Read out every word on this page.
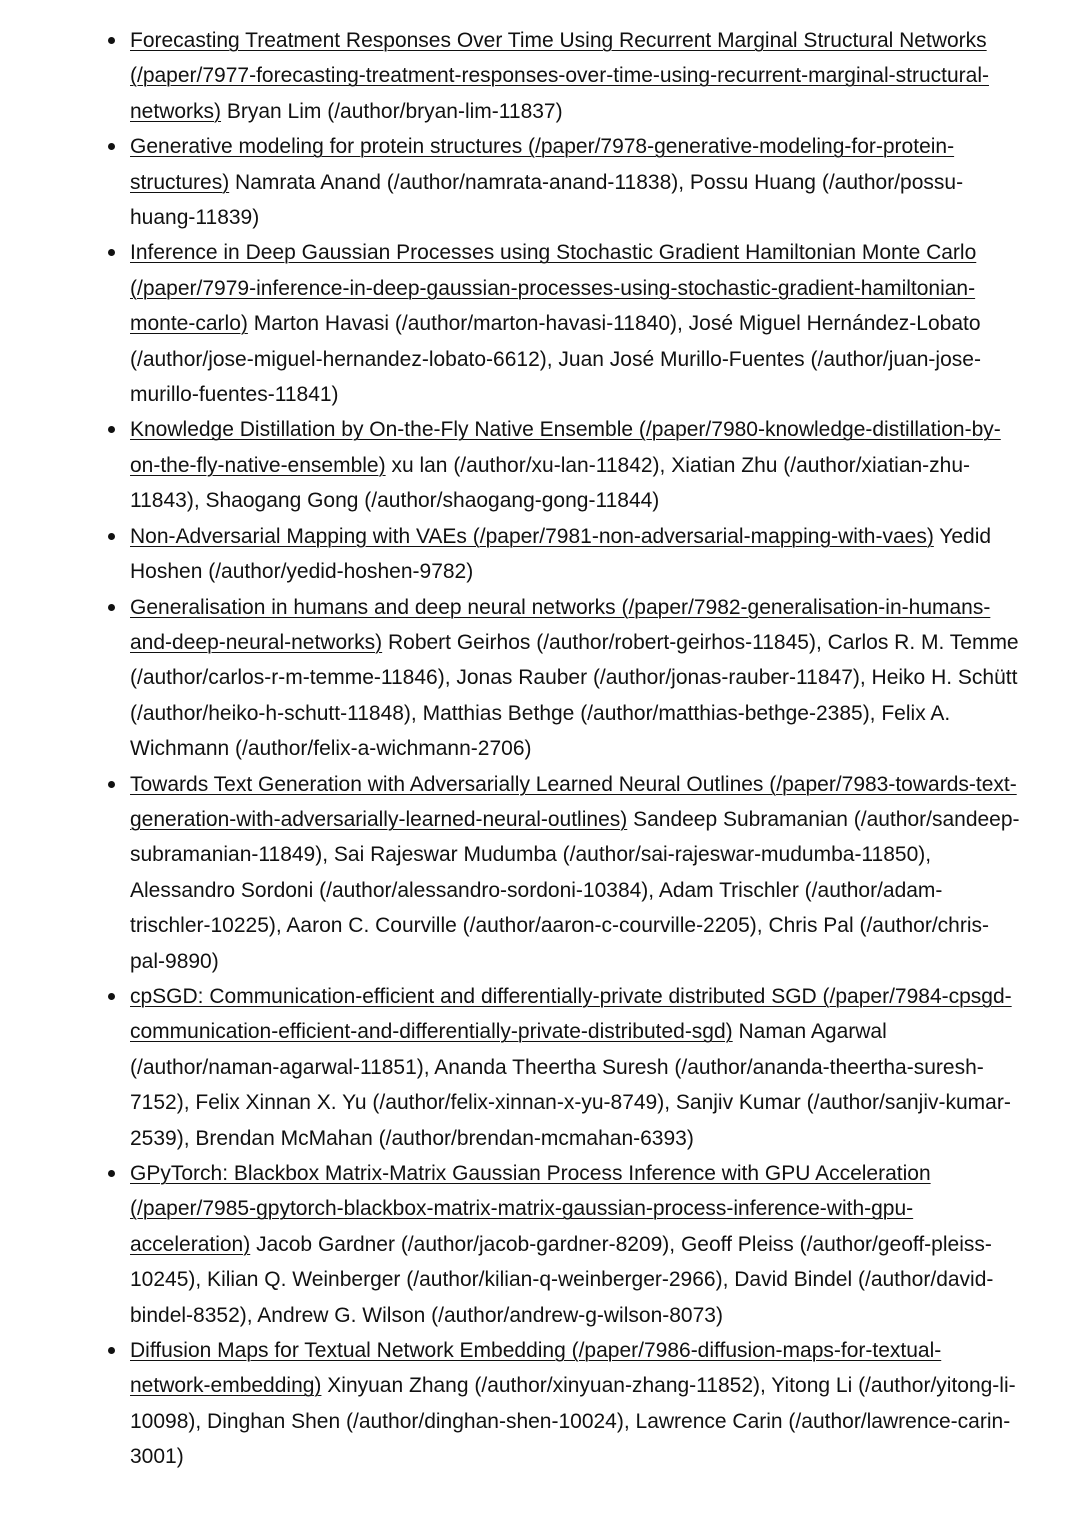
Forecasting Treatment Responses Over Time Using Recurrent Marginal Structural Networks (/paper/7977-forecasting-treatment-responses-over-time-using-recurrent-marginal-structural-networks) Bryan Lim (/author/bryan-lim-11837)
Generative modeling for protein structures (/paper/7978-generative-modeling-for-protein-structures) Namrata Anand (/author/namrata-anand-11838), Possu Huang (/author/possu-huang-11839)
Inference in Deep Gaussian Processes using Stochastic Gradient Hamiltonian Monte Carlo (/paper/7979-inference-in-deep-gaussian-processes-using-stochastic-gradient-hamiltonian-monte-carlo) Marton Havasi (/author/marton-havasi-11840), José Miguel Hernández-Lobato (/author/jose-miguel-hernandez-lobato-6612), Juan José Murillo-Fuentes (/author/juan-jose-murillo-fuentes-11841)
Knowledge Distillation by On-the-Fly Native Ensemble (/paper/7980-knowledge-distillation-by-on-the-fly-native-ensemble) xu lan (/author/xu-lan-11842), Xiatian Zhu (/author/xiatian-zhu-11843), Shaogang Gong (/author/shaogang-gong-11844)
Non-Adversarial Mapping with VAEs (/paper/7981-non-adversarial-mapping-with-vaes) Yedid Hoshen (/author/yedid-hoshen-9782)
Generalisation in humans and deep neural networks (/paper/7982-generalisation-in-humans-and-deep-neural-networks) Robert Geirhos (/author/robert-geirhos-11845), Carlos R. M. Temme (/author/carlos-r-m-temme-11846), Jonas Rauber (/author/jonas-rauber-11847), Heiko H. Schütt (/author/heiko-h-schutt-11848), Matthias Bethge (/author/matthias-bethge-2385), Felix A. Wichmann (/author/felix-a-wichmann-2706)
Towards Text Generation with Adversarially Learned Neural Outlines (/paper/7983-towards-text-generation-with-adversarially-learned-neural-outlines) Sandeep Subramanian (/author/sandeep-subramanian-11849), Sai Rajeswar Mudumba (/author/sai-rajeswar-mudumba-11850), Alessandro Sordoni (/author/alessandro-sordoni-10384), Adam Trischler (/author/adam-trischler-10225), Aaron C. Courville (/author/aaron-c-courville-2205), Chris Pal (/author/chris-pal-9890)
cpSGD: Communication-efficient and differentially-private distributed SGD (/paper/7984-cpsgd-communication-efficient-and-differentially-private-distributed-sgd) Naman Agarwal (/author/naman-agarwal-11851), Ananda Theertha Suresh (/author/ananda-theertha-suresh-7152), Felix Xinnan X. Yu (/author/felix-xinnan-x-yu-8749), Sanjiv Kumar (/author/sanjiv-kumar-2539), Brendan McMahan (/author/brendan-mcmahan-6393)
GPyTorch: Blackbox Matrix-Matrix Gaussian Process Inference with GPU Acceleration (/paper/7985-gpytorch-blackbox-matrix-matrix-gaussian-process-inference-with-gpu-acceleration) Jacob Gardner (/author/jacob-gardner-8209), Geoff Pleiss (/author/geoff-pleiss-10245), Kilian Q. Weinberger (/author/kilian-q-weinberger-2966), David Bindel (/author/david-bindel-8352), Andrew G. Wilson (/author/andrew-g-wilson-8073)
Diffusion Maps for Textual Network Embedding (/paper/7986-diffusion-maps-for-textual-network-embedding) Xinyuan Zhang (/author/xinyuan-zhang-11852), Yitong Li (/author/yitong-li-10098), Dinghan Shen (/author/dinghan-shen-10024), Lawrence Carin (/author/lawrence-carin-3001)
